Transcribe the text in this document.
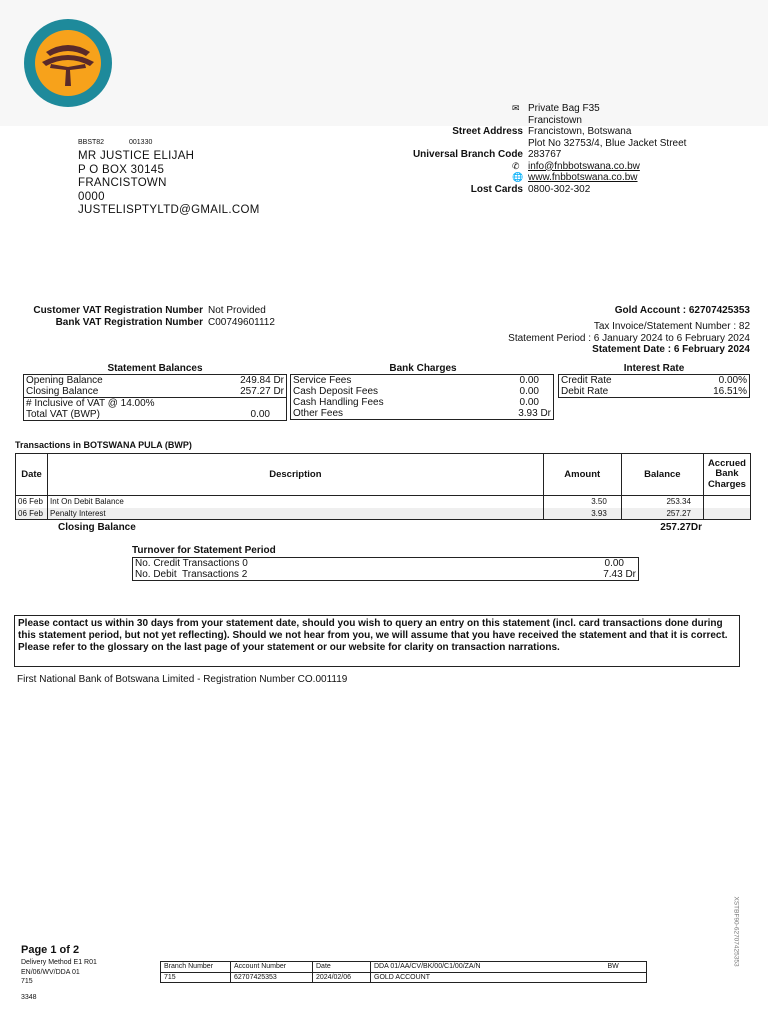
✉ Private Bag F35
Francistown
Street Address Francistown, Botswana
Plot No 32753/4, Blue Jacket Street
Universal Branch Code 283767
✆ info@fnbbotswana.co.bw
🌐 www.fnbbotswana.co.bw
Lost Cards 0800-302-302
BBST82	001330
MR JUSTICE ELIJAH
P O BOX 30145
FRANCISTOWN
0000
JUSTELISPTYLTD@GMAIL.COM
Customer VAT Registration Number Not Provided
Bank VAT Registration Number C00749601112
Gold Account : 62707425353
Tax Invoice/Statement Number : 82
Statement Period : 6 January 2024 to 6 February 2024
Statement Date : 6 February 2024
Statement Balances	Bank Charges	Interest Rate
Opening Balance	249.84 Dr
Closing Balance	257.27 Dr
# Inclusive of VAT @ 14.00%
Total VAT (BWP)	0.00
Service Fees	0.00
Cash Deposit Fees	0.00
Cash Handling Fees	0.00
Other Fees	3.93 Dr
Credit Rate	0.00%
Debit Rate	16.51%
Transactions in BOTSWANA PULA (BWP)
Date	Description	Amount	Balance	Accrued Bank Charges
06 Feb	Int On Debit Balance	3.50	253.34	
06 Feb	Penalty Interest	3.93	257.27	
Closing Balance	257.27Dr
Turnover for Statement Period
No. Credit Transactions 0	0.00
No. Debit  Transactions 2	7.43 Dr
Please contact us within 30 days from your statement date, should you wish to query an entry on this statement (incl. card transactions done during this statement period, but not yet reflecting). Should we not hear from you, we will assume that you have received the statement and that it is correct.
Please refer to the glossary on the last page of your statement or our website for clarity on transaction narrations.
First National Bank of Botswana Limited - Registration Number CO.001119
XSTBF90-62707425353
Page 1 of 2
Delivery Method E1 R01
EN/06/WV/DDA 01
715
3348
Branch Number	Account Number	Date	DDA 01/AA/CV/BK/00/C1/00/ZA/N	BW
715	62707425353	2024/02/06	GOLD ACCOUNT	
